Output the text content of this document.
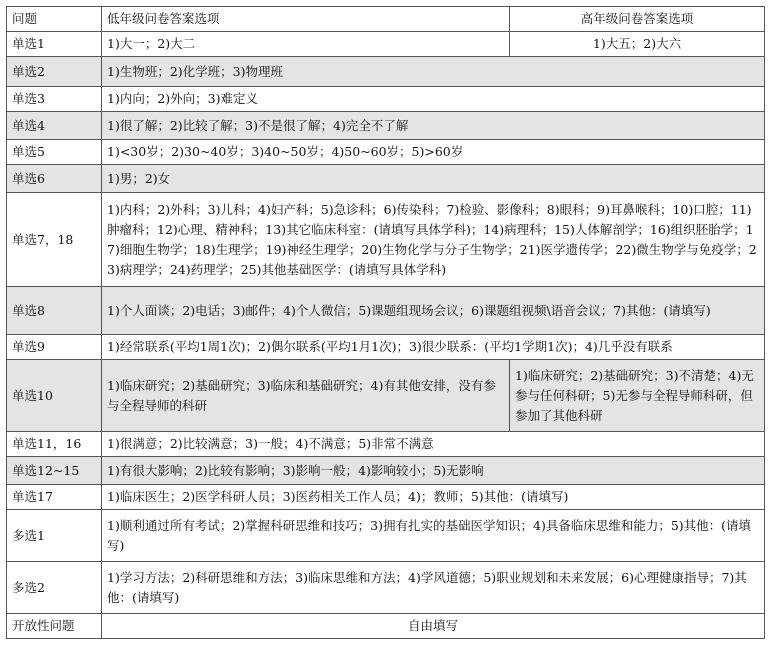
问题	低年级问卷答案选项	高年级问卷答案选项
单选1	1)大一；2)大二	1)大五；2)大六
单选2	1)生物班；2)化学班；3)物理班	
单选3	1)内向；2)外向；3)难定义	
单选4	1)很了解；2)比较了解；3)不是很了解；4)完全不了解	
单选5	1)<30岁；2)30~40岁；3)40~50岁；4)50~60岁；5)>60岁	
单选6	1)男；2)女	
单选7，18	1)内科；2)外科；3)儿科；4)妇产科；5)急诊科；6)传染科；7)检验、影像科；8)眼科；9)耳鼻喉科；10)口腔；11)肿瘤科；12)心理、精神科；13)其它临床科室：(请填写具体学科)；14)病理科；15)人体解剖学；16)组织胚胎学；17)细胞生物学；18)生理学；19)神经生理学；20)生物化学与分子生物学；21)医学遗传学；22)微生物学与免疫学；23)病理学；24)药理学；25)其他基础医学：(请填写具体学科)	
单选8	1)个人面谈；2)电话；3)邮件；4)个人微信；5)课题组现场会议；6)课题组视频\语音会议；7)其他：(请填写)	
单选9	1)经常联系(平均1周1次)；2)偶尔联系(平均1月1次)；3)很少联系：(平均1学期1次)；4)几乎没有联系	
单选10	1)临床研究；2)基础研究；3)临床和基础研究；4)有其他安排，没有参与全程导师的科研	1)临床研究；2)基础研究；3)不清楚；4)无参与任何科研；5)无参与全程导师科研，但参加了其他科研
单选11，16	1)很满意；2)比较满意；3)一般；4)不满意；5)非常不满意	
单选12~15	1)有很大影响；2)比较有影响；3)影响一般；4)影响较小；5)无影响	
单选17	1)临床医生；2)医学科研人员；3)医药相关工作人员；4)；教师；5)其他：(请填写)	
多选1	1)顺利通过所有考试；2)掌握科研思维和技巧；3)拥有扎实的基础医学知识；4)具备临床思维和能力；5)其他：(请填写)	
多选2	1)学习方法；2)科研思维和方法；3)临床思维和方法；4)学风道德；5)职业规划和未来发展；6)心理健康指导；7)其他：(请填写)	
开放性问题	自由填写	
